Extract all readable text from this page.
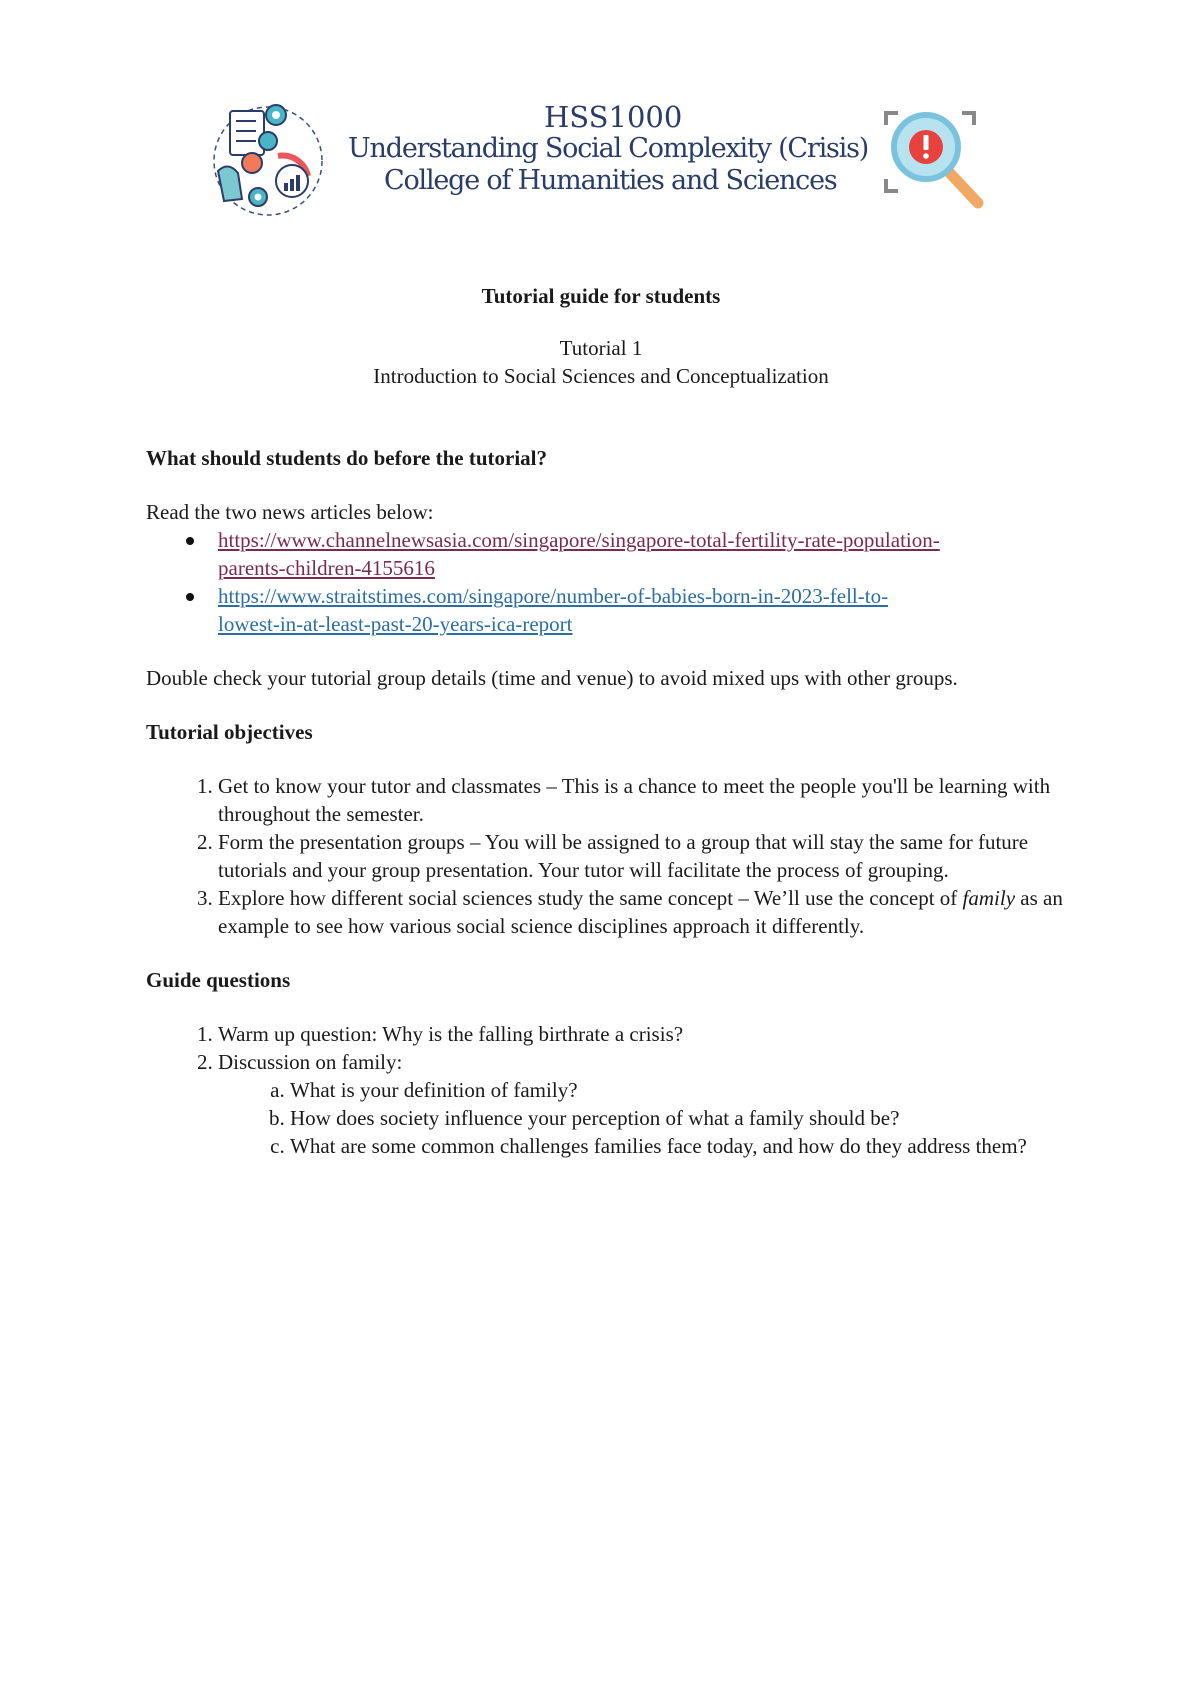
HSS1000
Understanding Social Complexity (Crisis)
College of Humanities and Sciences
Tutorial guide for students
Tutorial 1
Introduction to Social Sciences and Conceptualization

What should students do before the tutorial?

Read the two news articles below:

https://www.channelnewsasia.com/singapore/singapore-total-fertility-rate-population-
parents-children-4155616
https://www.straitstimes.com/singapore/number-of-babies-born-in-2023-fell-to-
lowest-in-at-least-past-20-years-ica-report

Double check your tutorial group details (time and venue) to avoid mixed ups with other groups.

Tutorial objectives

1. Get to know your tutor and classmates – This is a chance to meet the people you'll be learning with throughout the semester.
2. Form the presentation groups – You will be assigned to a group that will stay the same for future tutorials and your group presentation. Your tutor will facilitate the process of grouping.
3. Explore how different social sciences study the same concept – We’ll use the concept of family as an example to see how various social science disciplines approach it differently.

Guide questions

1. Warm up question: Why is the falling birthrate a crisis?
2. Discussion on family:
a. What is your definition of family?
b. How does society influence your perception of what a family should be?
c. What are some common challenges families face today, and how do they address them?
